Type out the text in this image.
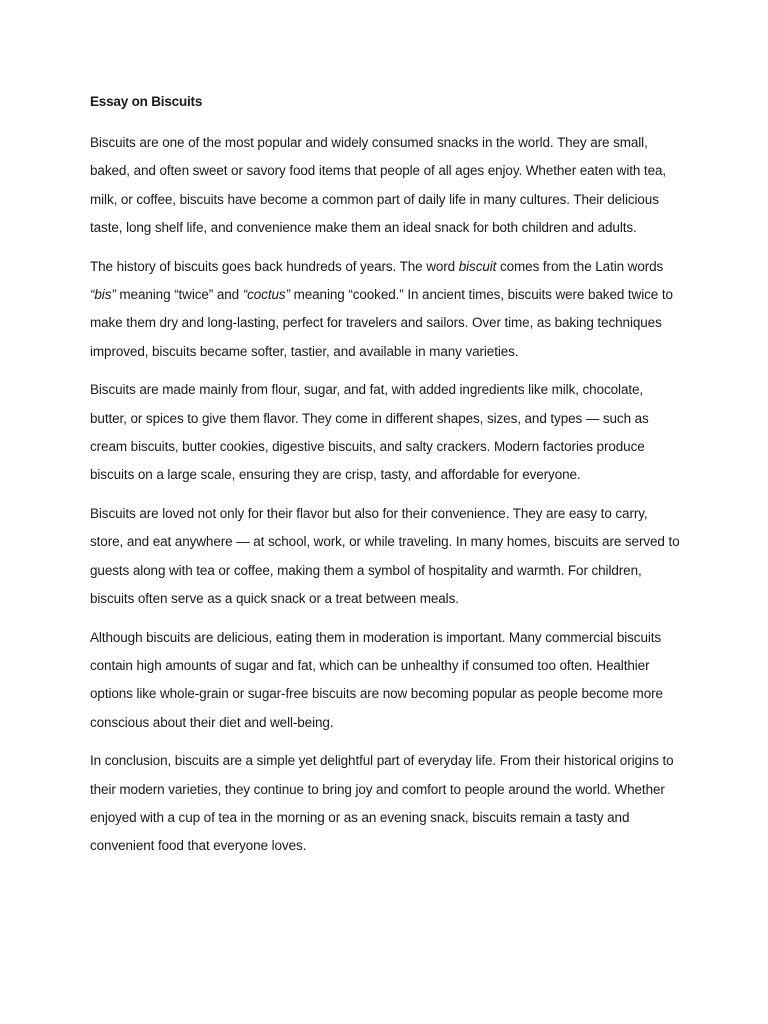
Essay on Biscuits

Biscuits are one of the most popular and widely consumed snacks in the world. They are small, baked, and often sweet or savory food items that people of all ages enjoy. Whether eaten with tea, milk, or coffee, biscuits have become a common part of daily life in many cultures. Their delicious taste, long shelf life, and convenience make them an ideal snack for both children and adults.

The history of biscuits goes back hundreds of years. The word biscuit comes from the Latin words “bis” meaning “twice” and “coctus” meaning “cooked.” In ancient times, biscuits were baked twice to make them dry and long-lasting, perfect for travelers and sailors. Over time, as baking techniques improved, biscuits became softer, tastier, and available in many varieties.

Biscuits are made mainly from flour, sugar, and fat, with added ingredients like milk, chocolate, butter, or spices to give them flavor. They come in different shapes, sizes, and types — such as cream biscuits, butter cookies, digestive biscuits, and salty crackers. Modern factories produce biscuits on a large scale, ensuring they are crisp, tasty, and affordable for everyone.

Biscuits are loved not only for their flavor but also for their convenience. They are easy to carry, store, and eat anywhere — at school, work, or while traveling. In many homes, biscuits are served to guests along with tea or coffee, making them a symbol of hospitality and warmth. For children, biscuits often serve as a quick snack or a treat between meals.

Although biscuits are delicious, eating them in moderation is important. Many commercial biscuits contain high amounts of sugar and fat, which can be unhealthy if consumed too often. Healthier options like whole-grain or sugar-free biscuits are now becoming popular as people become more conscious about their diet and well-being.

In conclusion, biscuits are a simple yet delightful part of everyday life. From their historical origins to their modern varieties, they continue to bring joy and comfort to people around the world. Whether enjoyed with a cup of tea in the morning or as an evening snack, biscuits remain a tasty and convenient food that everyone loves.
